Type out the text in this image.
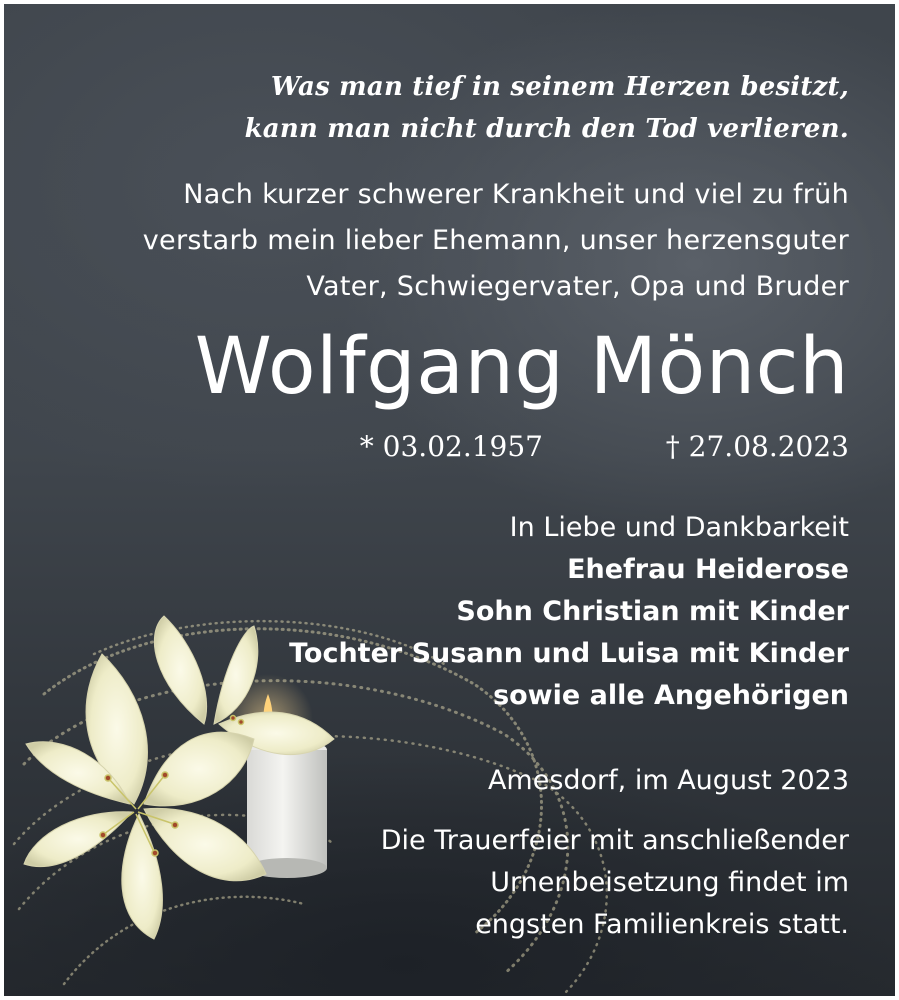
Was man tief in seinem Herzen besitzt,
kann man nicht durch den Tod verlieren.
Nach kurzer schwerer Krankheit und viel zu früh
verstarb mein lieber Ehemann, unser herzensguter
Vater, Schwiegervater, Opa und Bruder
Wolfgang Mönch
* 03.02.1957	† 27.08.2023
In Liebe und Dankbarkeit
Ehefrau Heiderose
Sohn Christian mit Kinder
Tochter Susann und Luisa mit Kinder
sowie alle Angehörigen
Amesdorf, im August 2023
Die Trauerfeier mit anschließender
Urnenbeisetzung findet im
engsten Familienkreis statt.
